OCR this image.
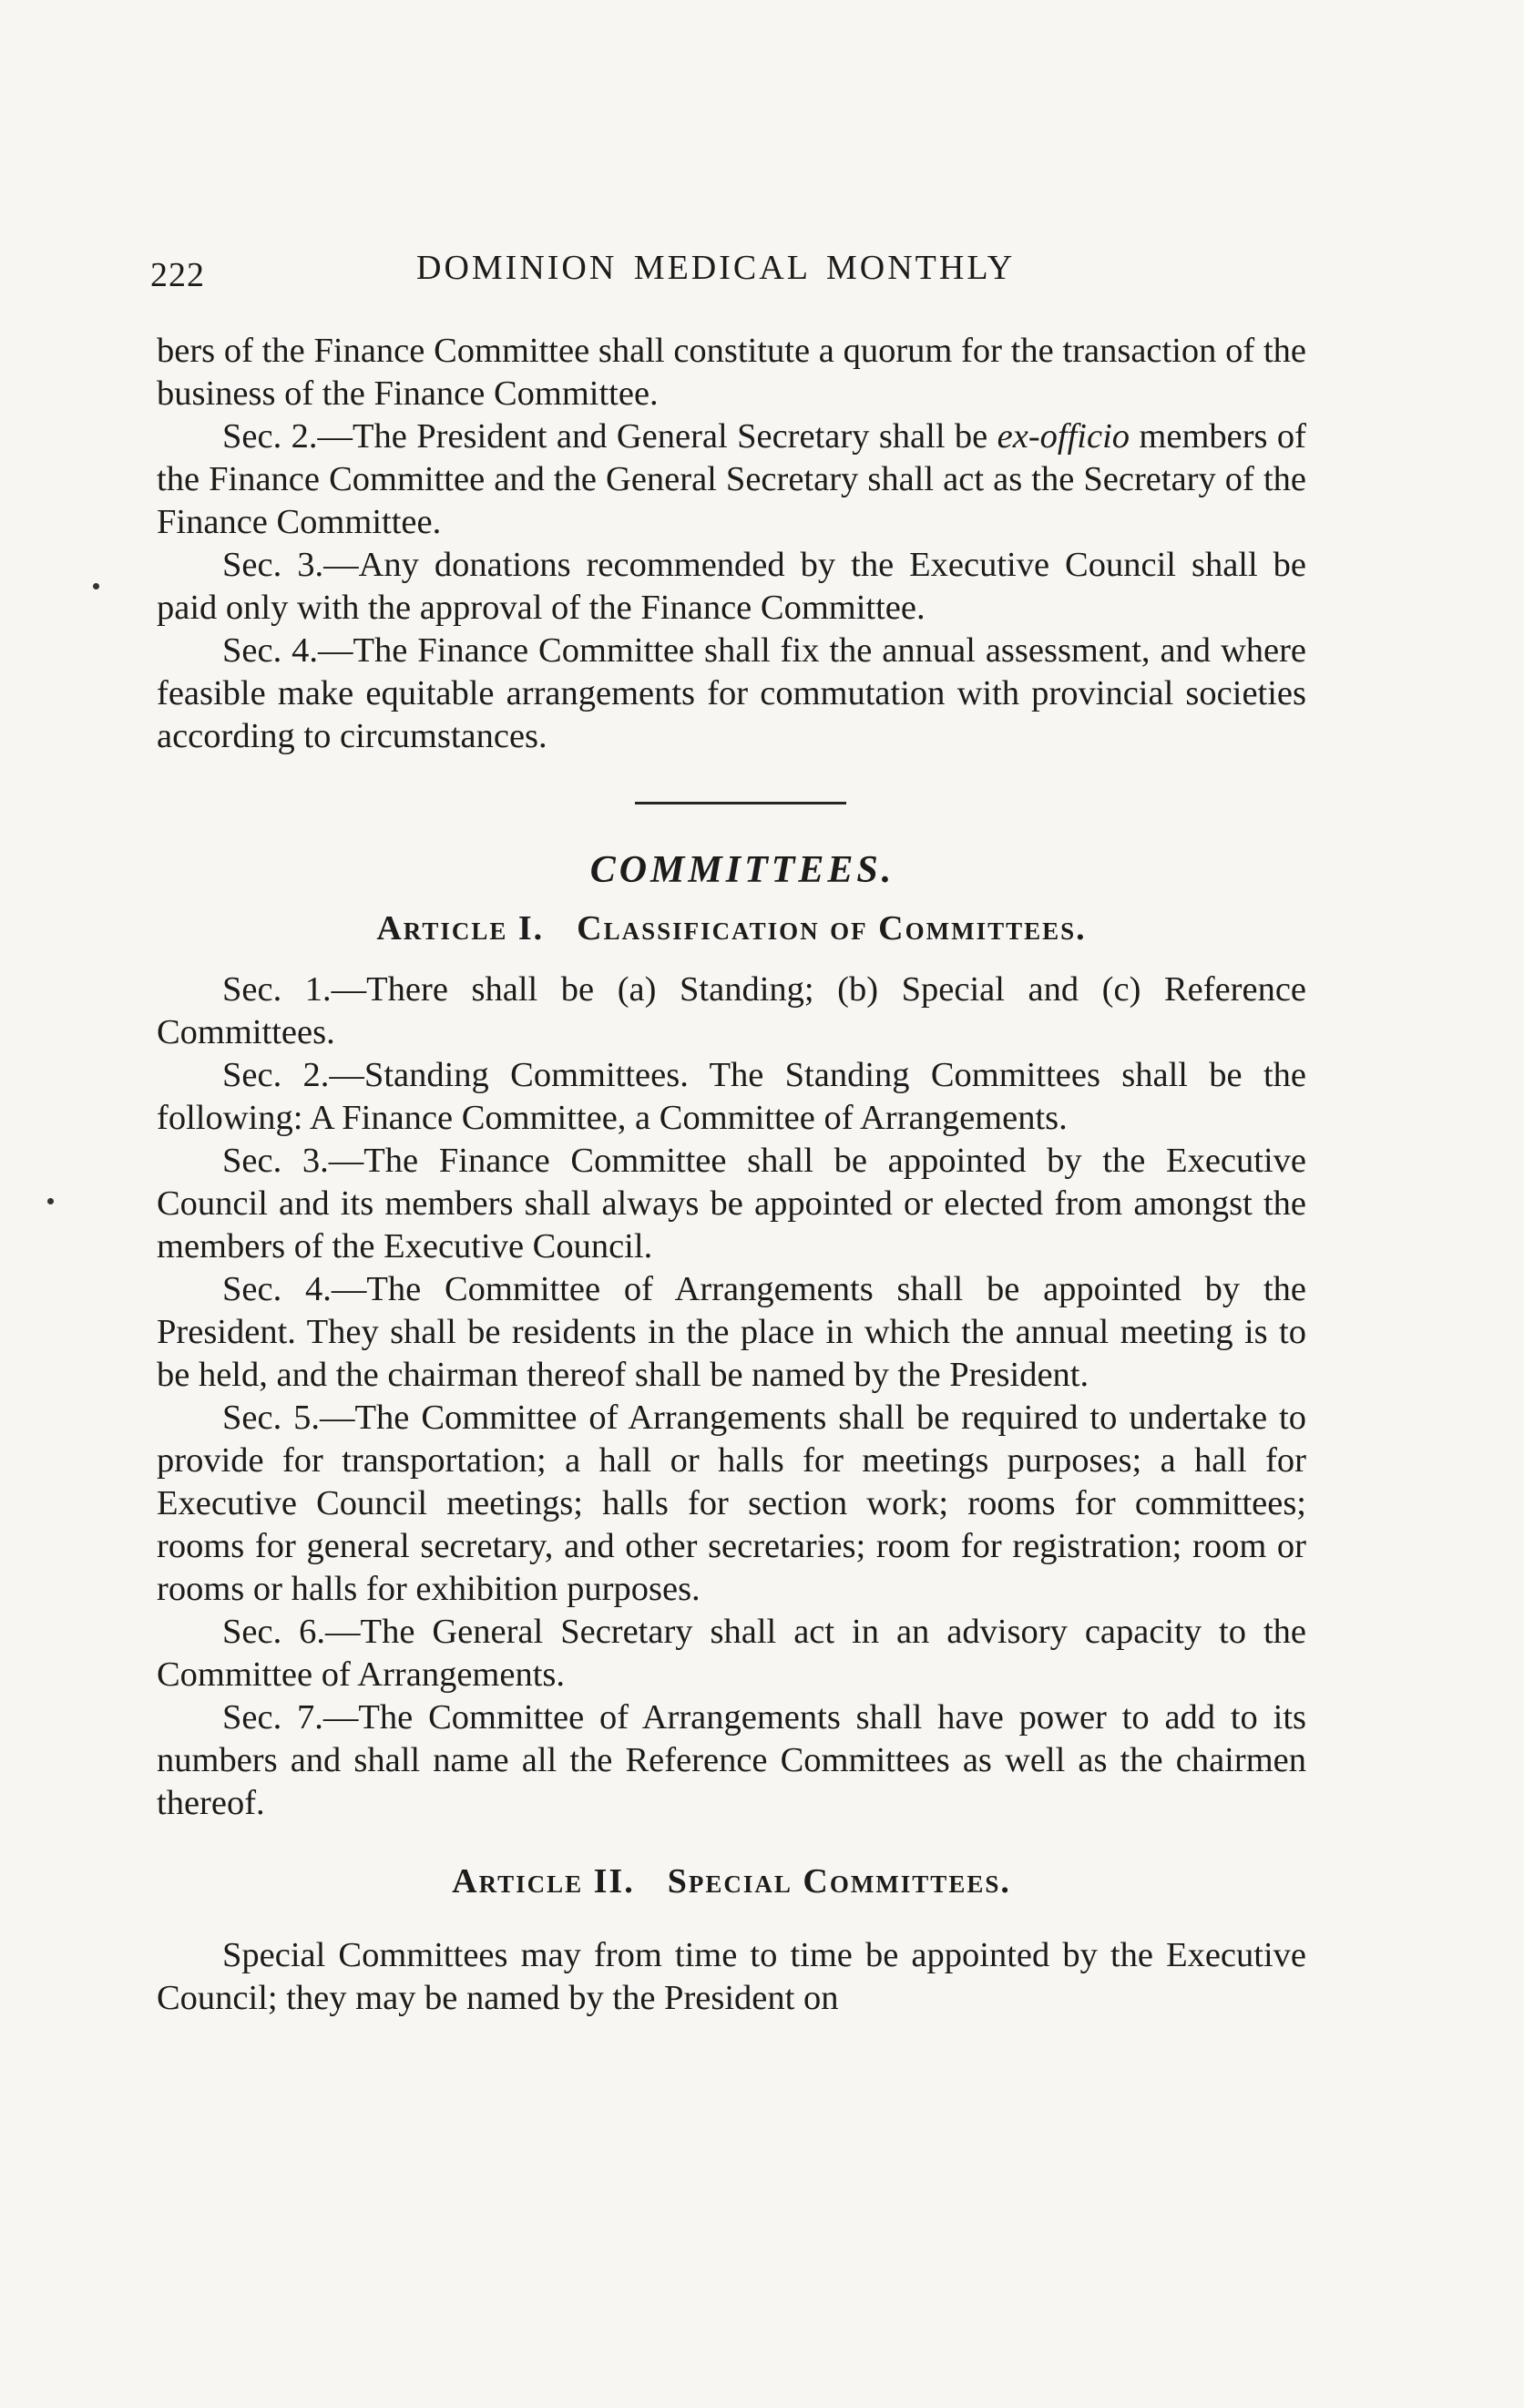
222	DOMINION MEDICAL MONTHLY

bers of the Finance Committee shall constitute a quorum for the transaction of the business of the Finance Committee.

Sec. 2.—The President and General Secretary shall be ex-officio members of the Finance Committee and the General Secretary shall act as the Secretary of the Finance Committee.

Sec. 3.—Any donations recommended by the Executive Council shall be paid only with the approval of the Finance Committee.

Sec. 4.—The Finance Committee shall fix the annual assessment, and where feasible make equitable arrangements for commutation with provincial societies according to circumstances.

COMMITTEES.
Article I. Classification of Committees.

Sec. 1.—There shall be (a) Standing; (b) Special and (c) Reference Committees.

Sec. 2.—Standing Committees. The Standing Committees shall be the following: A Finance Committee, a Committee of Arrangements.

Sec. 3.—The Finance Committee shall be appointed by the Executive Council and its members shall always be appointed or elected from amongst the members of the Executive Council.

Sec. 4.—The Committee of Arrangements shall be appointed by the President. They shall be residents in the place in which the annual meeting is to be held, and the chairman thereof shall be named by the President.

Sec. 5.—The Committee of Arrangements shall be required to undertake to provide for transportation; a hall or halls for meetings purposes; a hall for Executive Council meetings; halls for section work; rooms for committees; rooms for general secretary, and other secretaries; room for registration; room or rooms or halls for exhibition purposes.

Sec. 6.—The General Secretary shall act in an advisory capacity to the Committee of Arrangements.

Sec. 7.—The Committee of Arrangements shall have power to add to its numbers and shall name all the Reference Committees as well as the chairmen thereof.

Article II. Special Committees.

Special Committees may from time to time be appointed by the Executive Council; they may be named by the President on
